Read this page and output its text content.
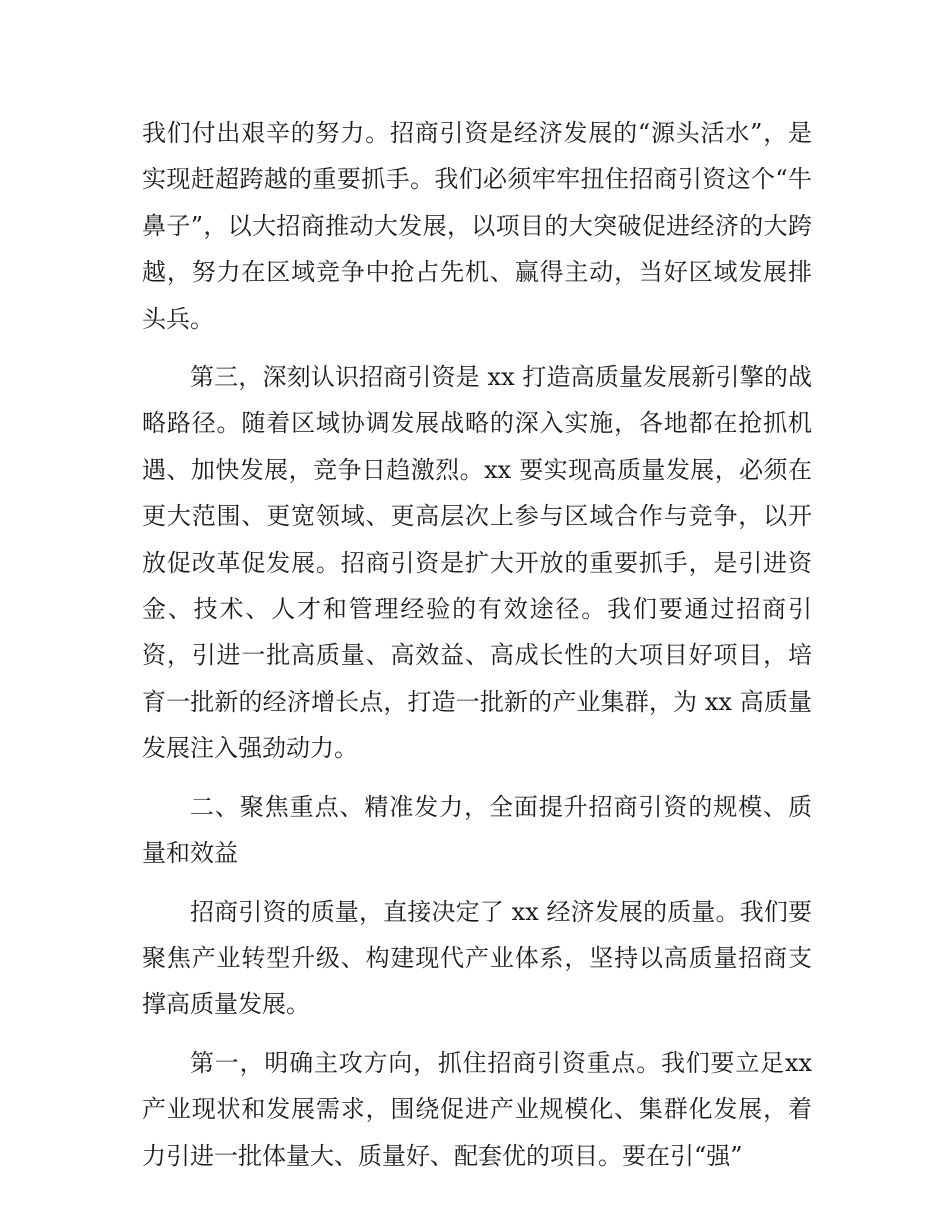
我们付出艰辛的努力。招商引资是经济发展的“源头活水”，是实现赶超跨越的重要抓手。我们必须牢牢扭住招商引资这个“牛鼻子”，以大招商推动大发展，以项目的大突破促进经济的大跨越，努力在区域竞争中抢占先机、赢得主动，当好区域发展排头兵。

第三，深刻认识招商引资是 xx 打造高质量发展新引擎的战略路径。随着区域协调发展战略的深入实施，各地都在抢抓机遇、加快发展，竞争日趋激烈。xx 要实现高质量发展，必须在更大范围、更宽领域、更高层次上参与区域合作与竞争，以开放促改革促发展。招商引资是扩大开放的重要抓手，是引进资金、技术、人才和管理经验的有效途径。我们要通过招商引资，引进一批高质量、高效益、高成长性的大项目好项目，培育一批新的经济增长点，打造一批新的产业集群，为 xx 高质量发展注入强劲动力。

二、聚焦重点、精准发力，全面提升招商引资的规模、质量和效益

招商引资的质量，直接决定了 xx 经济发展的质量。我们要聚焦产业转型升级、构建现代产业体系，坚持以高质量招商支撑高质量发展。

第一，明确主攻方向，抓住招商引资重点。我们要立足xx 产业现状和发展需求，围绕促进产业规模化、集群化发展，着力引进一批体量大、质量好、配套优的项目。要在引“强”
